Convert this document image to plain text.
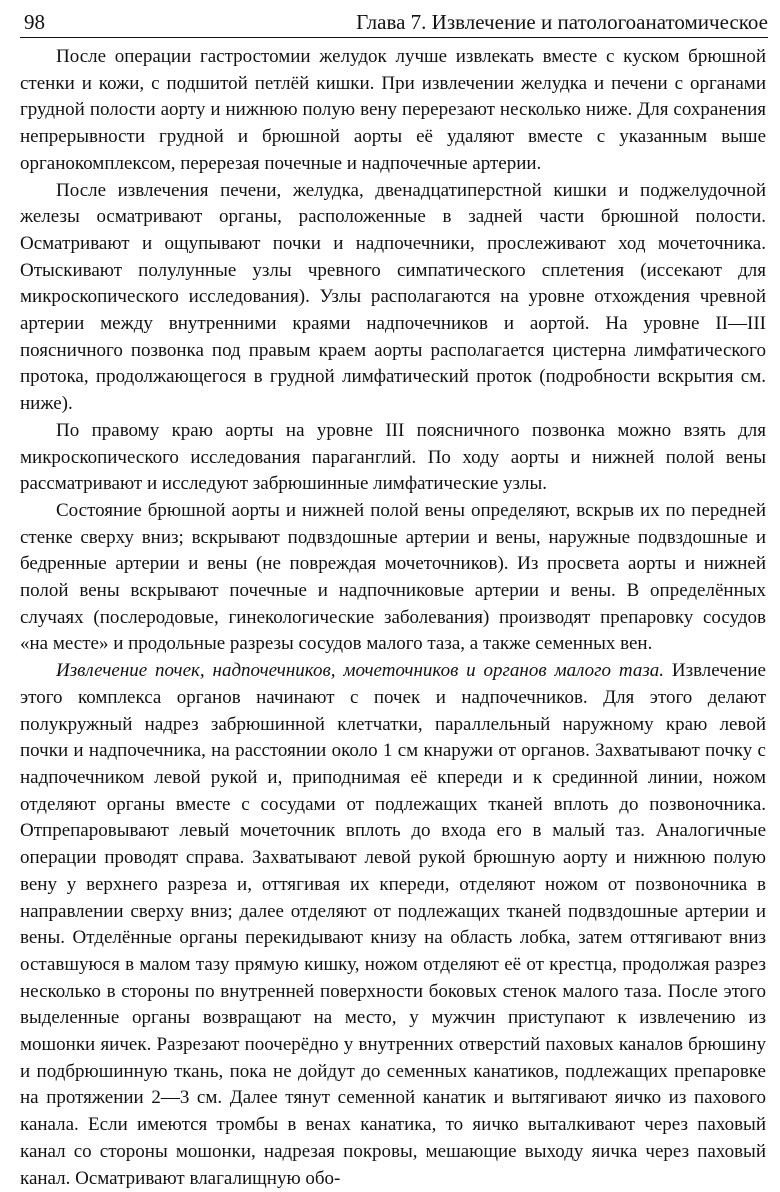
98	Глава 7. Извлечение и патологоанатомическое

После операции гастростомии желудок лучше извлекать вместе с куском брюшной стенки и кожи, с подшитой петлёй кишки. При извлечении желудка и печени с органами грудной полости аорту и нижнюю полую вену перерезают несколько ниже. Для сохранения непрерывности грудной и брюшной аорты её удаляют вместе с указанным выше органокомплексом, перерезая почечные и надпочечные артерии.

После извлечения печени, желудка, двенадцатиперстной кишки и поджелудочной железы осматривают органы, расположенные в задней части брюшной полости. Осматривают и ощупывают почки и надпочечники, прослеживают ход мочеточника. Отыскивают полулунные узлы чревного симпатического сплетения (иссекают для микроскопического исследования). Узлы располагаются на уровне отхождения чревной артерии между внутренними краями надпочечников и аортой. На уровне II—III поясничного позвонка под правым краем аорты располагается цистерна лимфатического протока, продолжающегося в грудной лимфатический проток (подробности вскрытия см. ниже).

По правому краю аорты на уровне III поясничного позвонка можно взять для микроскопического исследования параганглий. По ходу аорты и нижней полой вены рассматривают и исследуют забрюшинные лимфатические узлы.

Состояние брюшной аорты и нижней полой вены определяют, вскрыв их по передней стенке сверху вниз; вскрывают подвздошные артерии и вены, наружные подвздошные и бедренные артерии и вены (не повреждая мочеточников). Из просвета аорты и нижней полой вены вскрывают почечные и надпочниковые артерии и вены. В определённых случаях (послеродовые, гинекологические заболевания) производят препаровку сосудов «на месте» и продольные разрезы сосудов малого таза, а также семенных вен.

Извлечение почек, надпочечников, мочеточников и органов малого таза. Извлечение этого комплекса органов начинают с почек и надпочечников. Для этого делают полукружный надрез забрюшинной клетчатки, параллельный наружному краю левой почки и надпочечника, на расстоянии около 1 см кнаружи от органов. Захватывают почку с надпочечником левой рукой и, приподнимая её кпереди и к срединной линии, ножом отделяют органы вместе с сосудами от подлежащих тканей вплоть до позвоночника. Отпрепаровывают левый мочеточник вплоть до входа его в малый таз. Аналогичные операции проводят справа. Захватывают левой рукой брюшную аорту и нижнюю полую вену у верхнего разреза и, оттягивая их кпереди, отделяют ножом от позвоночника в направлении сверху вниз; далее отделяют от подлежащих тканей подвздошные артерии и вены. Отделённые органы перекидывают книзу на область лобка, затем оттягивают вниз оставшуюся в малом тазу прямую кишку, ножом отделяют её от крестца, продолжая разрез несколько в стороны по внутренней поверхности боковых стенок малого таза. После этого выделенные органы возвращают на место, у мужчин приступают к извлечению из мошонки яичек. Разрезают поочерёдно у внутренних отверстий паховых каналов брюшину и подбрюшинную ткань, пока не дойдут до семенных канатиков, подлежащих препаровке на протяжении 2—3 см. Далее тянут семенной канатик и вытягивают яичко из пахового канала. Если имеются тромбы в венах канатика, то яичко выталкивают через паховый канал со стороны мошонки, надрезая покровы, мешающие выходу яичка через паховый канал. Осматривают влагалищную обо-
